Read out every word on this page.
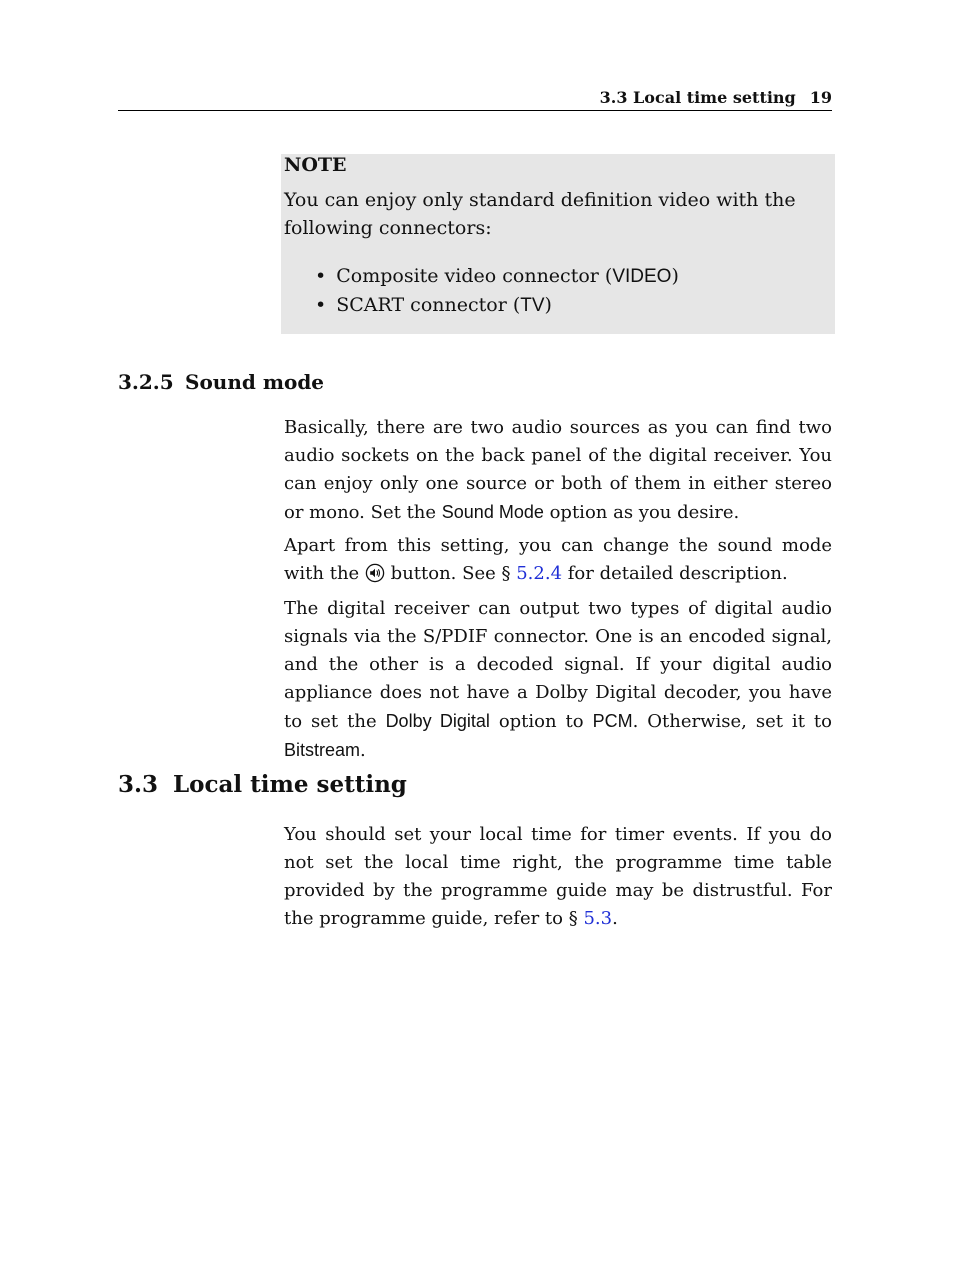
3.3 Local time setting 19
NOTE
You can enjoy only standard definition video with the following connectors:
• Composite video connector (VIDEO)
• SCART connector (TV)
3.2.5 Sound mode

Basically, there are two audio sources as you can find two audio sockets on the back panel of the digital receiver. You can enjoy only one source or both of them in either stereo or mono. Set the Sound Mode option as you desire.

Apart from this setting, you can change the sound mode with the button. See § 5.2.4 for detailed description.

The digital receiver can output two types of digital audio signals via the S/PDIF connector. One is an encoded signal, and the other is a decoded signal. If your digital audio appliance does not have a Dolby Digital decoder, you have to set the Dolby Digital option to PCM. Otherwise, set it to Bitstream.

3.3 Local time setting

You should set your local time for timer events. If you do not set the local time right, the programme time table provided by the programme guide may be distrustful. For the programme guide, refer to § 5.3.
